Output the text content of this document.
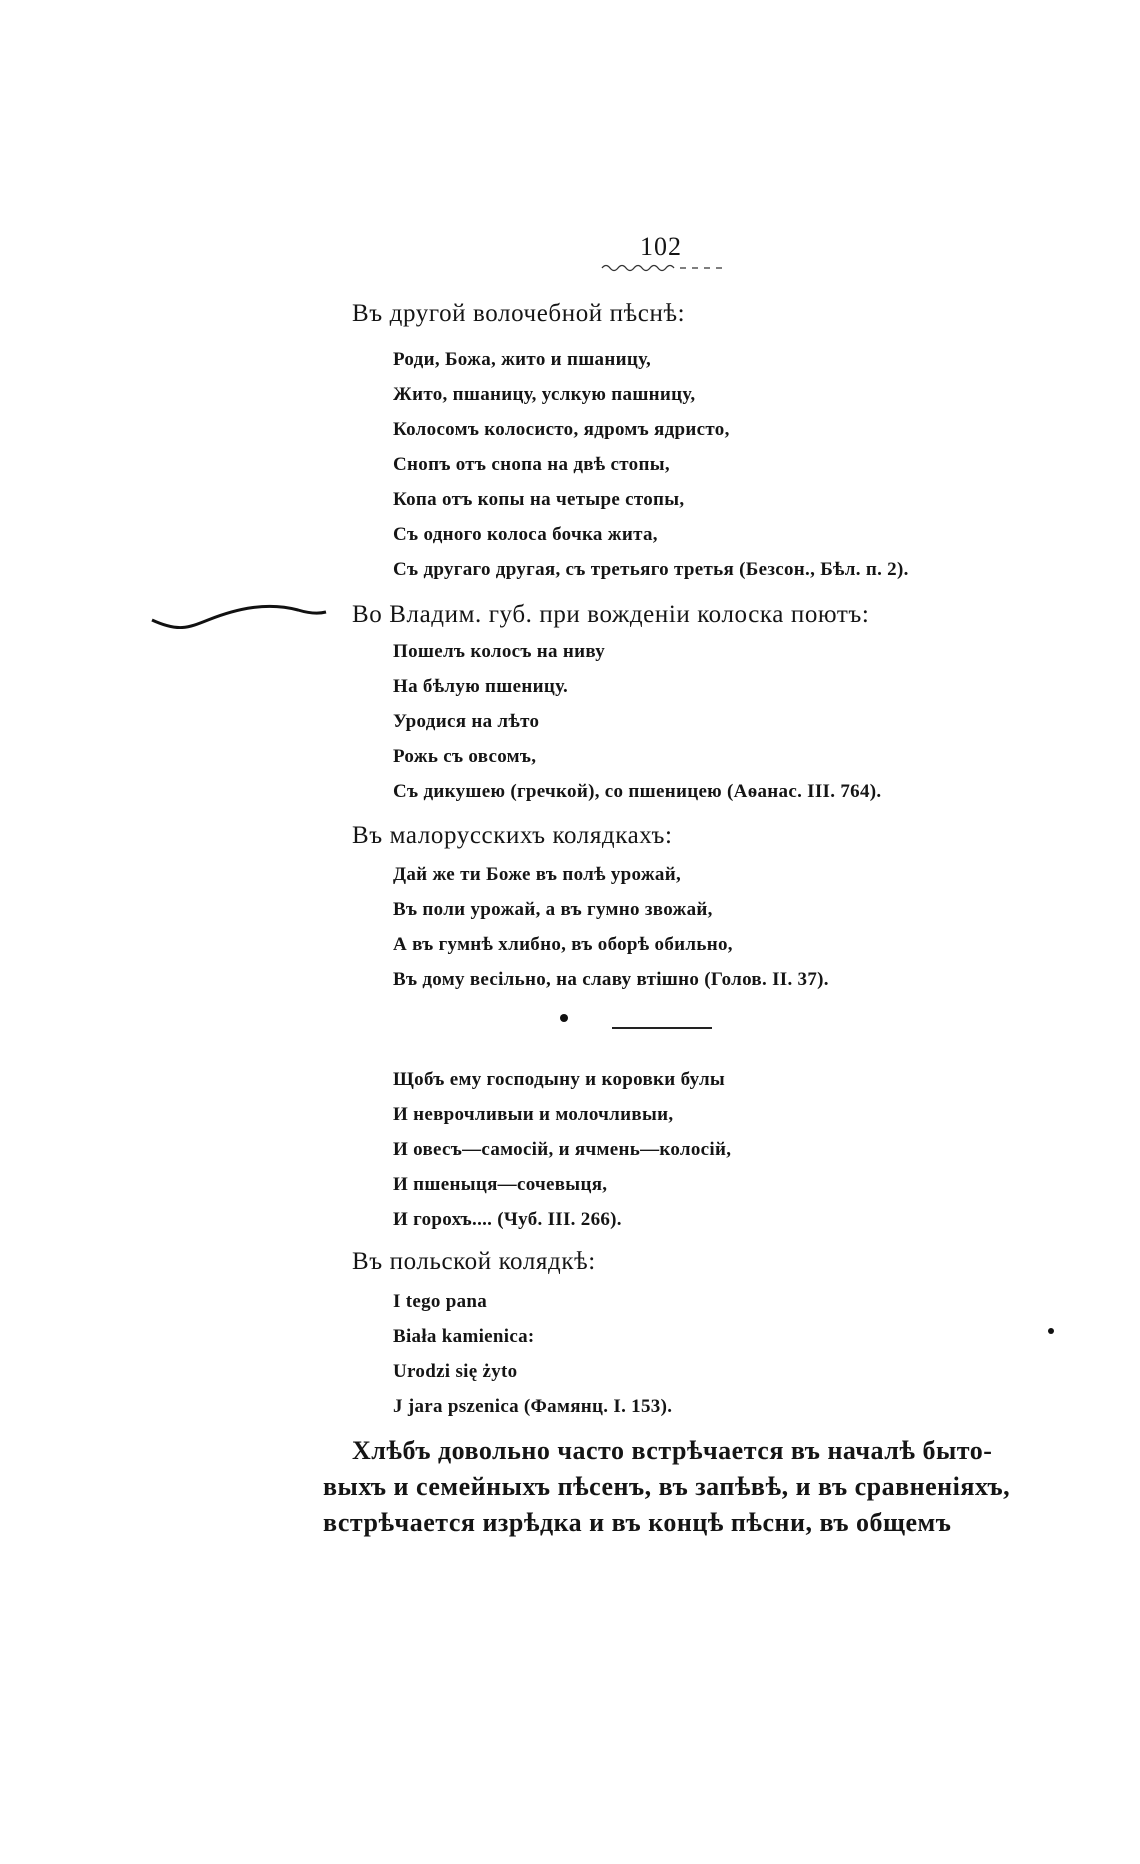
102
Въ другой волочебной пѣснѣ:
Роди, Божа, жито и пшаницу,
Жито, пшаницу, услкую пашницу,
Колосомъ колосисто, ядромъ ядристо,
Снопъ отъ снопа на двѣ стопы,
Копа отъ копы на четыре стопы,
Съ одного колоса бочка жита,
Съ другаго другая, съ третьяго третья (Безсон., Бѣл. п. 2).
Во Владим. губ. при вожденiи колоска поютъ:
Пошелъ колосъ на ниву
На бѣлую пшеницу.
Уродися на лѣто
Рожь съ овсомъ,
Съ дикушею (гречкой), со пшеницею (Аѳанас. III. 764).
Въ малорусскихъ колядкахъ:
Дай же ти Боже въ полѣ урожай,
Въ поли урожай, а въ гумно звожай,
А въ гумнѣ хлибно, въ оборѣ обильно,
Въ дому весільно, на славу втішно (Голов. II. 37).
Щобъ ему господыну и коровки булы
И неврочливыи и молочливыи,
И овесъ—самосій, и ячмень—колосій,
И пшеныця—сочевыця,
И горохъ.... (Чуб. III. 266).
Въ польской колядкѣ:
I tego pana
Biała kamienica:
Urodzi się żyto
J jara pszenica (Фамянц. I. 153).
Хлѣбъ довольно часто встрѣчается въ началѣ быто-
выхъ и семейныхъ пѣсенъ, въ запѣвѣ, и въ сравненiяхъ,
встрѣчается изрѣдка и въ концѣ пѣсни, въ общемъ
